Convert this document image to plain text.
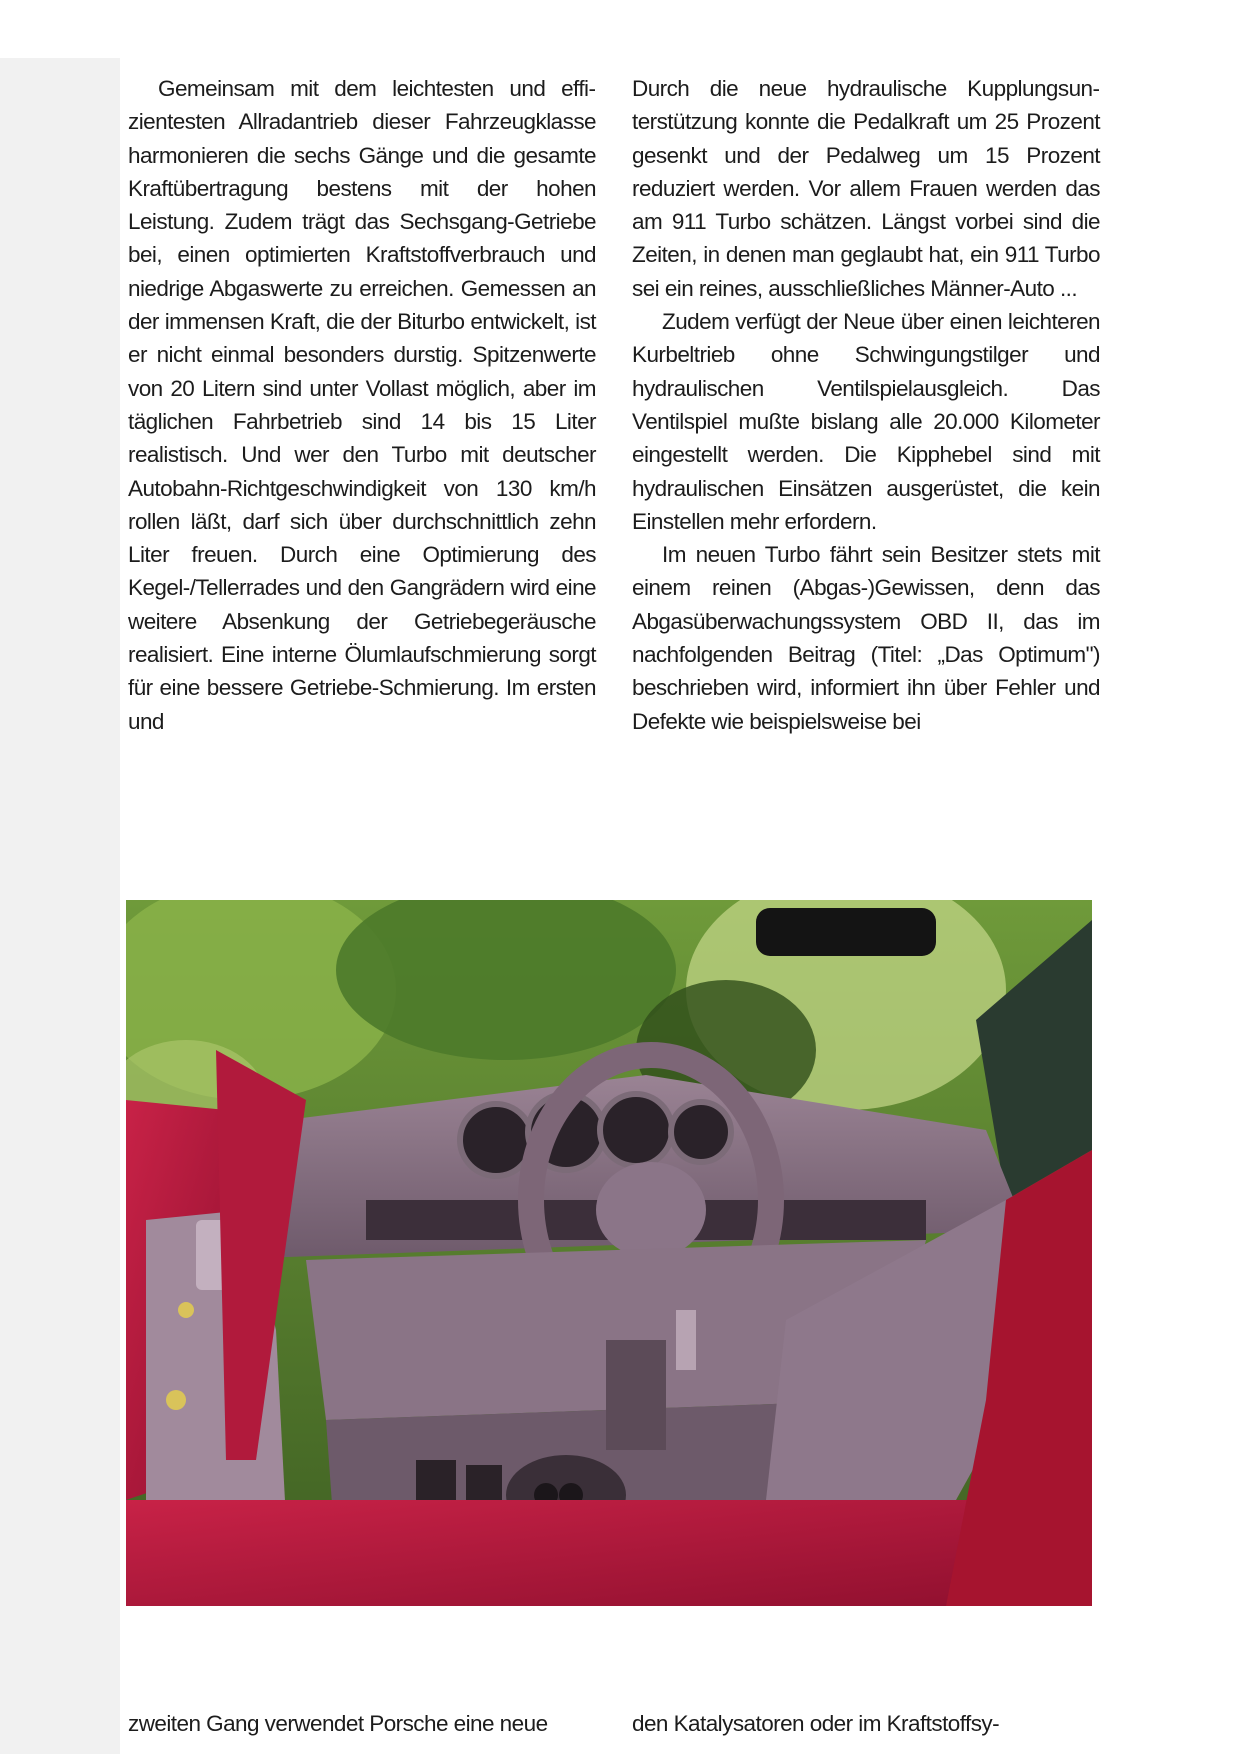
Gemeinsam mit dem leichtesten und effizientesten Allradantrieb dieser Fahrzeugklasse harmonieren die sechs Gänge und die gesamte Kraftübertragung bestens mit der hohen Leistung. Zudem trägt das Sechsgang-Getriebe bei, einen optimierten Kraftstoffverbrauch und niedrige Abgaswerte zu erreichen. Gemessen an der immensen Kraft, die der Biturbo entwickelt, ist er nicht einmal besonders durstig. Spitzenwerte von 20 Litern sind unter Vollast möglich, aber im täglichen Fahrbetrieb sind 14 bis 15 Liter realistisch. Und wer den Turbo mit deutscher Autobahn-Richtgeschwindigkeit von 130 km/h rollen läßt, darf sich über durchschnittlich zehn Liter freuen. Durch eine Optimierung des Kegel-/Tellerrades und den Gangrädern wird eine weitere Absenkung der Getriebegeräusche realisiert. Eine interne Ölumlaufschmierung sorgt für eine bessere Getriebe-Schmierung. Im ersten und

Durch die neue hydraulische Kupplungsunterstützung konnte die Pedalkraft um 25 Prozent gesenkt und der Pedalweg um 15 Prozent reduziert werden. Vor allem Frauen werden das am 911 Turbo schätzen. Längst vorbei sind die Zeiten, in denen man geglaubt hat, ein 911 Turbo sei ein reines, ausschließliches Männer-Auto ...

Zudem verfügt der Neue über einen leichteren Kurbeltrieb ohne Schwingungstilger und hydraulischen Ventilspielausgleich. Das Ventilspiel mußte bislang alle 20.000 Kilometer eingestellt werden. Die Kipphebel sind mit hydraulischen Einsätzen ausgerüstet, die kein Einstellen mehr erfordern.

Im neuen Turbo fährt sein Besitzer stets mit einem reinen (Abgas-)Gewissen, denn das Abgasüberwachungssystem OBD II, das im nachfolgenden Beitrag (Titel: „Das Optimum") beschrieben wird, informiert ihn über Fehler und Defekte wie beispielsweise bei

zweiten Gang verwendet Porsche eine neue	den Katalysatoren oder im Kraftstoffsy-
